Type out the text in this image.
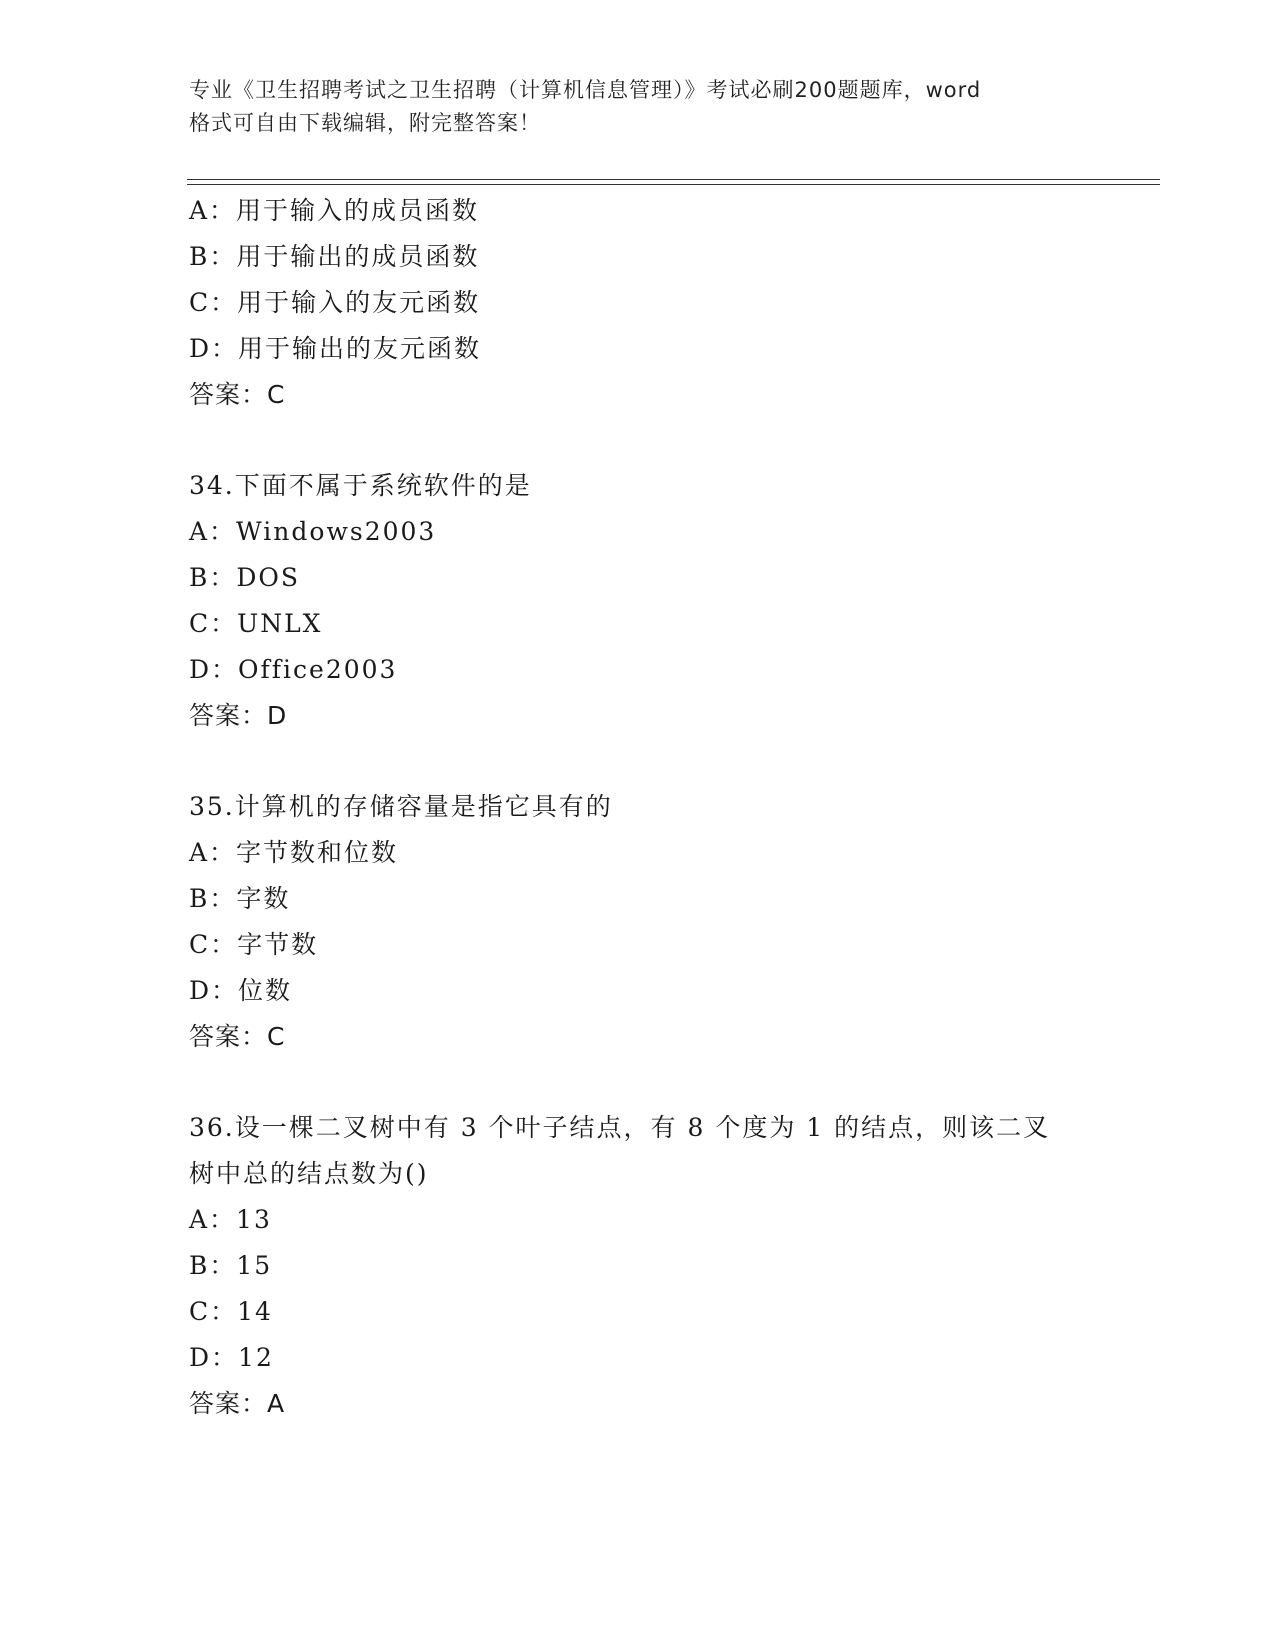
专业《卫生招聘考试之卫生招聘（计算机信息管理）》考试必刷200题题库，word
格式可自由下载编辑，附完整答案！
A：用于输入的成员函数
B：用于输出的成员函数
C：用于输入的友元函数
D：用于输出的友元函数
答案：C
34.下面不属于系统软件的是
A：Windows2003
B：DOS
C：UNLX
D：Office2003
答案：D
35.计算机的存储容量是指它具有的
A：字节数和位数
B：字数
C：字节数
D：位数
答案：C
36.设一棵二叉树中有 3 个叶子结点，有 8 个度为 1 的结点，则该二叉
树中总的结点数为()
A：13
B：15
C：14
D：12
答案：A
